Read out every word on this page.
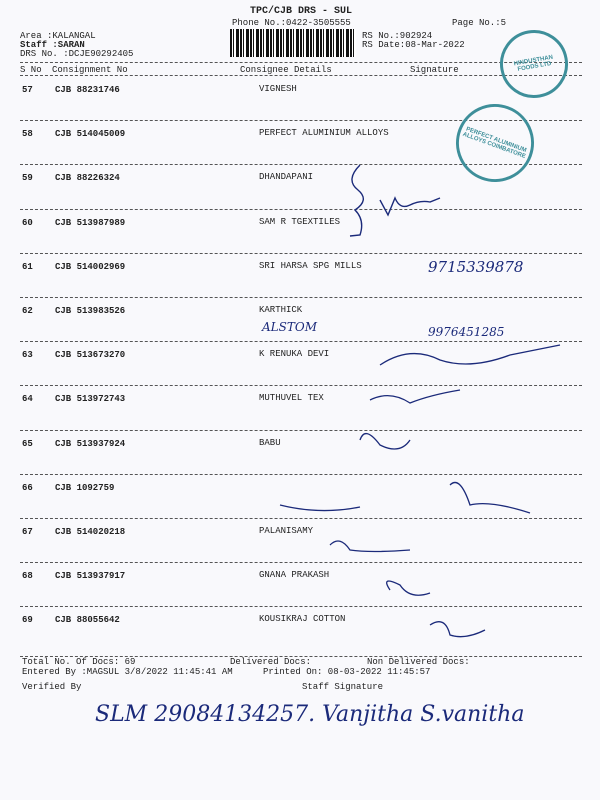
TPC/CJB DRS - SUL
Phone No.:0422-3505555	Page No.:5
Area :KALANGAL
Staff :SARAN
DRS No. :DCJE90292405
RS No.:902924
RS Date:08-Mar-2022
S No Consignment No	Consignee Details	Signature
57 CJB 88231746	VIGNESH
58 CJB 514045009	PERFECT ALUMINIUM ALLOYS
59 CJB 88226324	DHANDAPANI
60 CJB 513987989	SAM R TGEXTILES
61 CJB 514002969	SRI HARSA SPG MILLS
62 CJB 513983526	KARTHICK
63 CJB 513673270	K RENUKA DEVI
64 CJB 513972743	MUTHUVEL TEX
65 CJB 513937924	BABU
66 CJB 1092759
67 CJB 514020218	PALANISAMY
68 CJB 513937917	GNANA PRAKASH
69 CJB 88055642	KOUSIKRAJ COTTON
HINDUSTHAN FOODS LTD
PERFECT ALUMINIUM ALLOYS COIMBATORE
9715339878
9976451285
ALSTOM
Total No. Of Docs: 69	Delivered Docs:	Non Delivered Docs:
Entered By :MAGSUL 3/8/2022 11:45:41 AM	Printed On: 08-03-2022 11:45:57
Verified By	Staff Signature
SLM 29084134257. Vanjitha S.vanitha
